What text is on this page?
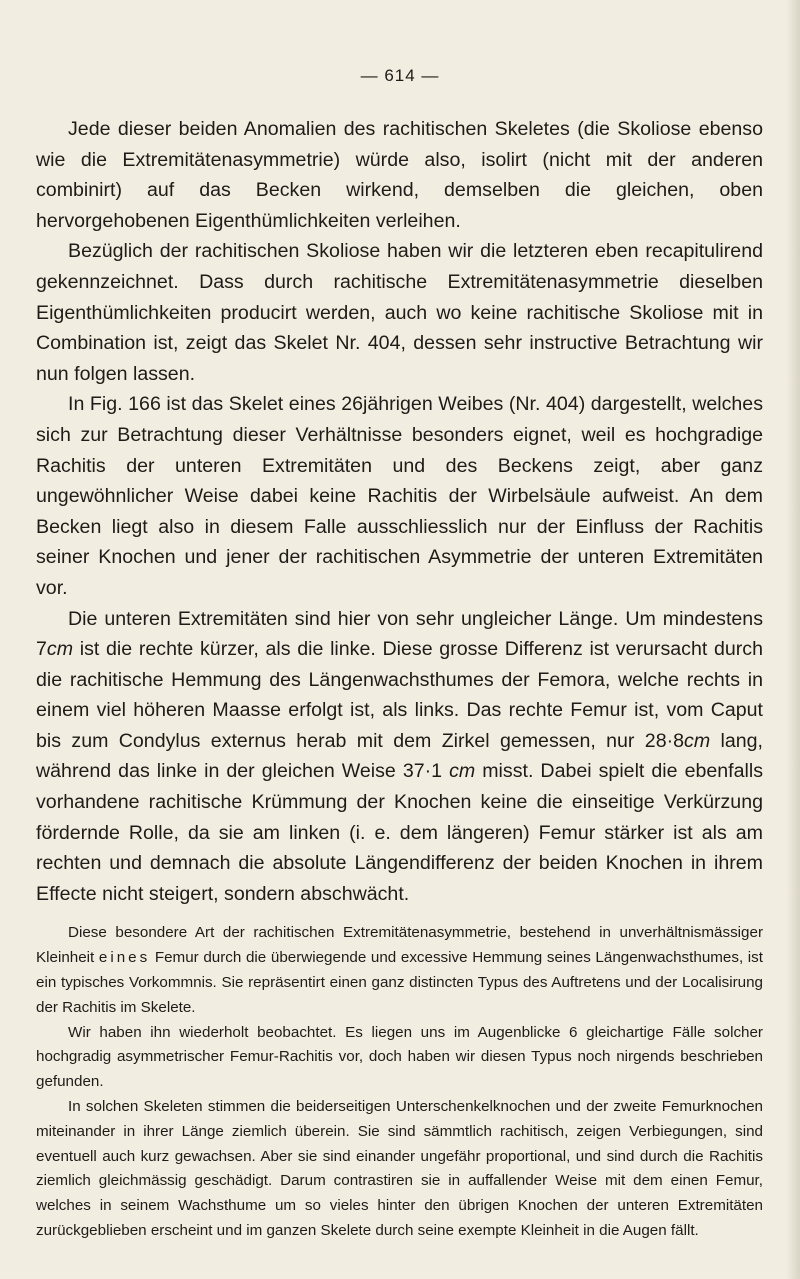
— 614 —

Jede dieser beiden Anomalien des rachitischen Skeletes (die Skoliose ebenso wie die Extremitätenasymmetrie) würde also, isolirt (nicht mit der anderen combinirt) auf das Becken wirkend, demselben die gleichen, oben hervorgehobenen Eigenthümlichkeiten verleihen.

Bezüglich der rachitischen Skoliose haben wir die letzteren eben recapitulirend gekennzeichnet. Dass durch rachitische Extremitätenasymmetrie dieselben Eigenthümlichkeiten producirt werden, auch wo keine rachitische Skoliose mit in Combination ist, zeigt das Skelet Nr. 404, dessen sehr instructive Betrachtung wir nun folgen lassen.

In Fig. 166 ist das Skelet eines 26jährigen Weibes (Nr. 404) dargestellt, welches sich zur Betrachtung dieser Verhältnisse besonders eignet, weil es hochgradige Rachitis der unteren Extremitäten und des Beckens zeigt, aber ganz ungewöhnlicher Weise dabei keine Rachitis der Wirbelsäule aufweist. An dem Becken liegt also in diesem Falle ausschliesslich nur der Einfluss der Rachitis seiner Knochen und jener der rachitischen Asymmetrie der unteren Extremitäten vor.

Die unteren Extremitäten sind hier von sehr ungleicher Länge. Um mindestens 7cm ist die rechte kürzer, als die linke. Diese grosse Differenz ist verursacht durch die rachitische Hemmung des Längenwachsthumes der Femora, welche rechts in einem viel höheren Maasse erfolgt ist, als links. Das rechte Femur ist, vom Caput bis zum Condylus externus herab mit dem Zirkel gemessen, nur 28·8cm lang, während das linke in der gleichen Weise 37·1 cm misst. Dabei spielt die ebenfalls vorhandene rachitische Krümmung der Knochen keine die einseitige Verkürzung fördernde Rolle, da sie am linken (i. e. dem längeren) Femur stärker ist als am rechten und demnach die absolute Längendifferenz der beiden Knochen in ihrem Effecte nicht steigert, sondern abschwächt.

Diese besondere Art der rachitischen Extremitätenasymmetrie, bestehend in unverhältnismässiger Kleinheit eines Femur durch die überwiegende und excessive Hemmung seines Längenwachsthumes, ist ein typisches Vorkommnis. Sie repräsentirt einen ganz distincten Typus des Auftretens und der Localisirung der Rachitis im Skelete.

Wir haben ihn wiederholt beobachtet. Es liegen uns im Augenblicke 6 gleichartige Fälle solcher hochgradig asymmetrischer Femur-Rachitis vor, doch haben wir diesen Typus noch nirgends beschrieben gefunden.

In solchen Skeleten stimmen die beiderseitigen Unterschenkelknochen und der zweite Femurknochen miteinander in ihrer Länge ziemlich überein. Sie sind sämmtlich rachitisch, zeigen Verbiegungen, sind eventuell auch kurz gewachsen. Aber sie sind einander ungefähr proportional, und sind durch die Rachitis ziemlich gleichmässig geschädigt. Darum contrastiren sie in auffallender Weise mit dem einen Femur, welches in seinem Wachsthume um so vieles hinter den übrigen Knochen der unteren Extremitäten zurückgeblieben erscheint und im ganzen Skelete durch seine exempte Kleinheit in die Augen fällt.
